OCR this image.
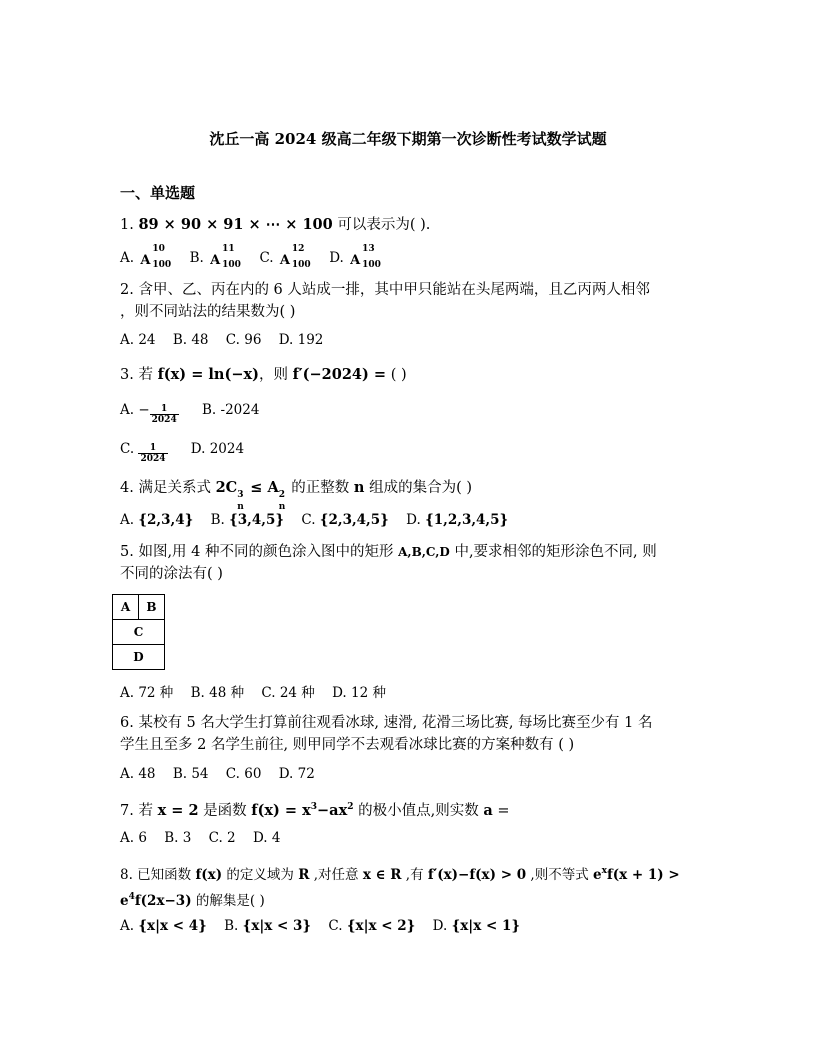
沈丘一高 2024 级高二年级下期第一次诊断性考试数学试题
一、单选题
1. 89 × 90 × 91 × ⋯ × 100 可以表示为( ).
A. A
10
100 B. A
11
100 C. A
12
100 D. A
13
100
2. 含甲、乙、丙在内的 6 人站成一排，其中甲只能站在头尾两端，且乙丙两人相邻
，则不同站法的结果数为( )
A. 24 B. 48 C. 96 D. 192
3. 若 f(x) = ln(−x)，则 f′(−2024) = ( )
A. − $\frac{1}{2024} B$. -2024
C. $\frac{1}{2024} D$. 2024
4. 满足关系式 2C 3
n
≤ A 2
n
的正整数 n 组成的集合为( )
A. {2,3,4} B. {3,4,5} C. {2,3,4,5} D. {1,2,3,4,5}
5. 如图,用 4 种不同的颜色涂入图中的矩形 A,B,C,D 中,要求相邻的矩形涂色不同, 则
不同的涂法有( )
A	B
C
D
A. 72 种 B. 48 种 C. 24 种 D. 12 种
6. 某校有 5 名大学生打算前往观看冰球, 速滑, 花滑三场比赛, 每场比赛至少有 1 名
学生且至多 2 名学生前往, 则甲同学不去观看冰球比赛的方案种数有 ( )
A. 48 B. 54 C. 60 D. 72
7. 若 x = 2 是函数 $f(x) = x^3-ax^2$ 的极小值点,则实数 a =
A. 6 B. 3 C. 2 D. 4
8. 已知函数 f(x) 的定义域为 R ,对任意 x ∈ R ,有 f′(x)−f(x) > 0 ,则不等式 $e^xf(x + 1)$ >
$e^4f(2x-3)$ 的解集是( )
A. {x|x < 4} B. {x|x < 3} C. {x|x < 2} D. {x|x < 1}
